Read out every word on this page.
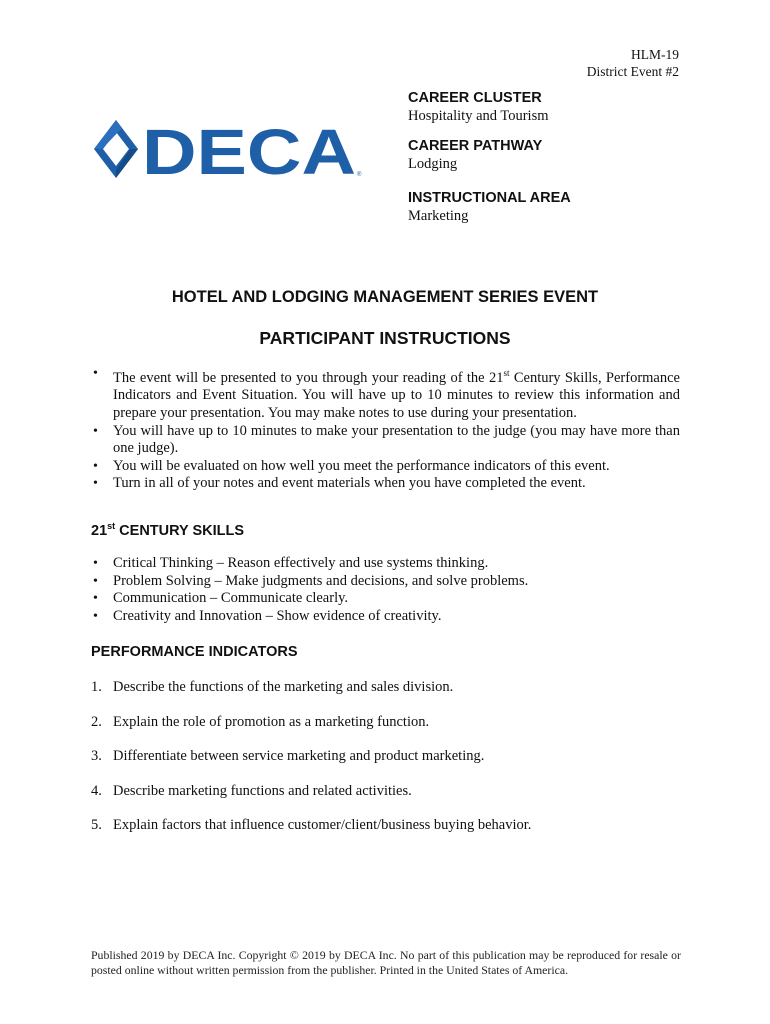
HLM-19
District Event #2
DECA ®

CAREER CLUSTER

Hospitality and Tourism

CAREER PATHWAY

Lodging

INSTRUCTIONAL AREA

Marketing

HOTEL AND LODGING MANAGEMENT SERIES EVENT
PARTICIPANT INSTRUCTIONS
• The event will be presented to you through your reading of the 21st Century Skills, Performance Indicators and Event Situation. You will have up to 10 minutes to review this information and prepare your presentation. You may make notes to use during your presentation.
• You will have up to 10 minutes to make your presentation to the judge (you may have more than one judge).
• You will be evaluated on how well you meet the performance indicators of this event.
• Turn in all of your notes and event materials when you have completed the event.
21st CENTURY SKILLS
• Critical Thinking – Reason effectively and use systems thinking.
• Problem Solving – Make judgments and decisions, and solve problems.
• Communication – Communicate clearly.
• Creativity and Innovation – Show evidence of creativity.
PERFORMANCE INDICATORS
1. Describe the functions of the marketing and sales division.
2. Explain the role of promotion as a marketing function.
3. Differentiate between service marketing and product marketing.
4. Describe marketing functions and related activities.
5. Explain factors that influence customer/client/business buying behavior.
Published 2019 by DECA Inc. Copyright © 2019 by DECA Inc. No part of this publication may be reproduced for resale or posted online without written permission from the publisher. Printed in the United States of America.
